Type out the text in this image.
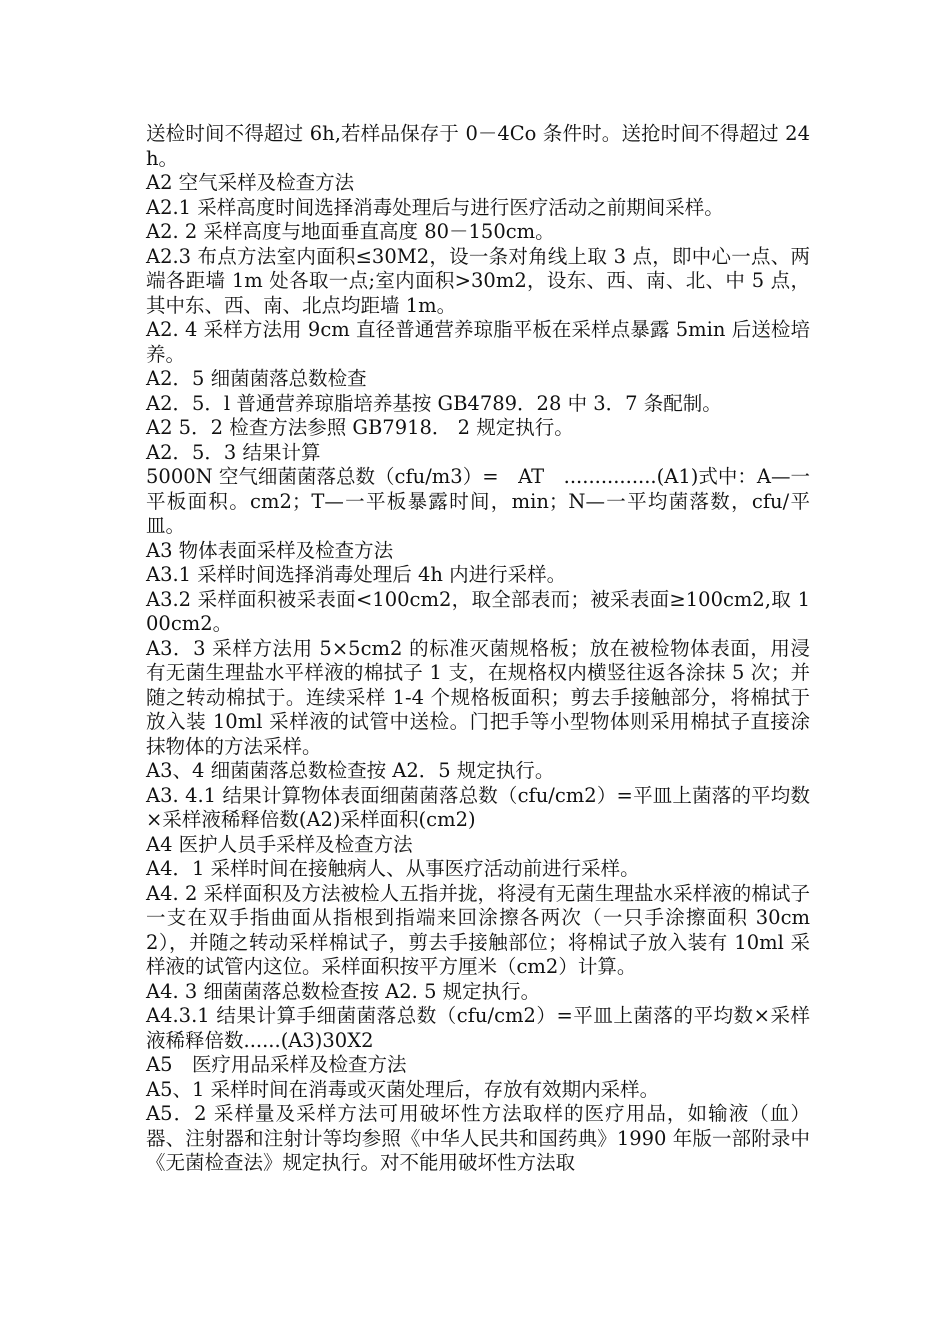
送检时间不得超过 6h,若样品保存于 0－4Co 条件时。送抢时间不得超过 24h。

A2 空气采样及检查方法

A2.1 采样高度时间选择消毒处理后与进行医疗活动之前期间采样。

A2. 2 采样高度与地面垂直高度 80－150cm。

A2.3 布点方法室内面积≤30M2，设一条对角线上取 3 点，即中心一点、两端各距墙 1m 处各取一点;室内面积>30m2，设东、西、南、北、中 5 点，其中东、西、南、北点均距墙 1m。

A2. 4 采样方法用 9cm 直径普通营养琼脂平板在采样点暴露 5min 后送检培养。

A2．5 细菌菌落总数检查

A2．5．l 普通营养琼脂培养基按 GB4789．28 中 3．7 条配制。

A2 5．2 检查方法参照 GB7918． 2 规定执行。

A2．5．3 结果计算

5000N 空气细菌菌落总数（cfu/m3）=　AT　...............(A1)式中：A—一平板面积。cm2；T—一平板暴露时间，min；N—一平均菌落数，cfu/平皿。

A3 物体表面采样及检查方法

A3.1 采样时间选择消毒处理后 4h 内进行采样。

A3.2 采样面积被采表面<100cm2，取全部表而；被采表面≥100cm2,取 100cm2。

A3．3 采样方法用 5×5cm2 的标准灭菌规格板；放在被检物体表面，用浸有无菌生理盐水平样液的棉拭子 1 支，在规格权内横竖往返各涂抹 5 次；并随之转动棉拭于。连续采样 1-4 个规格板面积；剪去手接触部分，将棉拭于放入装 10ml 采样液的试管中送检。门把手等小型物体则采用棉拭子直接涂抹物体的方法采样。

A3、4 细菌菌落总数检查按 A2．5 规定执行。

A3. 4.1 结果计算物体表面细菌菌落总数（cfu/cm2）=平皿上菌落的平均数×采样液稀释倍数(A2)采样面积(cm2)

A4 医护人员手采样及检查方法

A4．1 采样时间在接触病人、从事医疗活动前进行采样。

A4. 2 采样面积及方法被检人五指并拢，将浸有无菌生理盐水采样液的棉试子一支在双手指曲面从指根到指端来回涂擦各两次（一只手涂擦面积 30cm2），并随之转动采样棉试子，剪去手接触部位；将棉试子放入装有 10ml 采样液的试管内这位。采样面积按平方厘米（cm2）计算。

A4. 3 细菌菌落总数检查按 A2. 5 规定执行。

A4.3.1 结果计算手细菌菌落总数（cfu/cm2）=平皿上菌落的平均数×采样液稀释倍数......(A3)30X2

A5　医疗用品采样及检查方法

A5、1 采样时间在消毒或灭菌处理后，存放有效期内采样。

A5．2 采样量及采样方法可用破坏性方法取样的医疗用品，如输液（血）器、注射器和注射计等均参照《中华人民共和国药典》1990 年版一部附录中《无菌检查法》规定执行。对不能用破坏性方法取
